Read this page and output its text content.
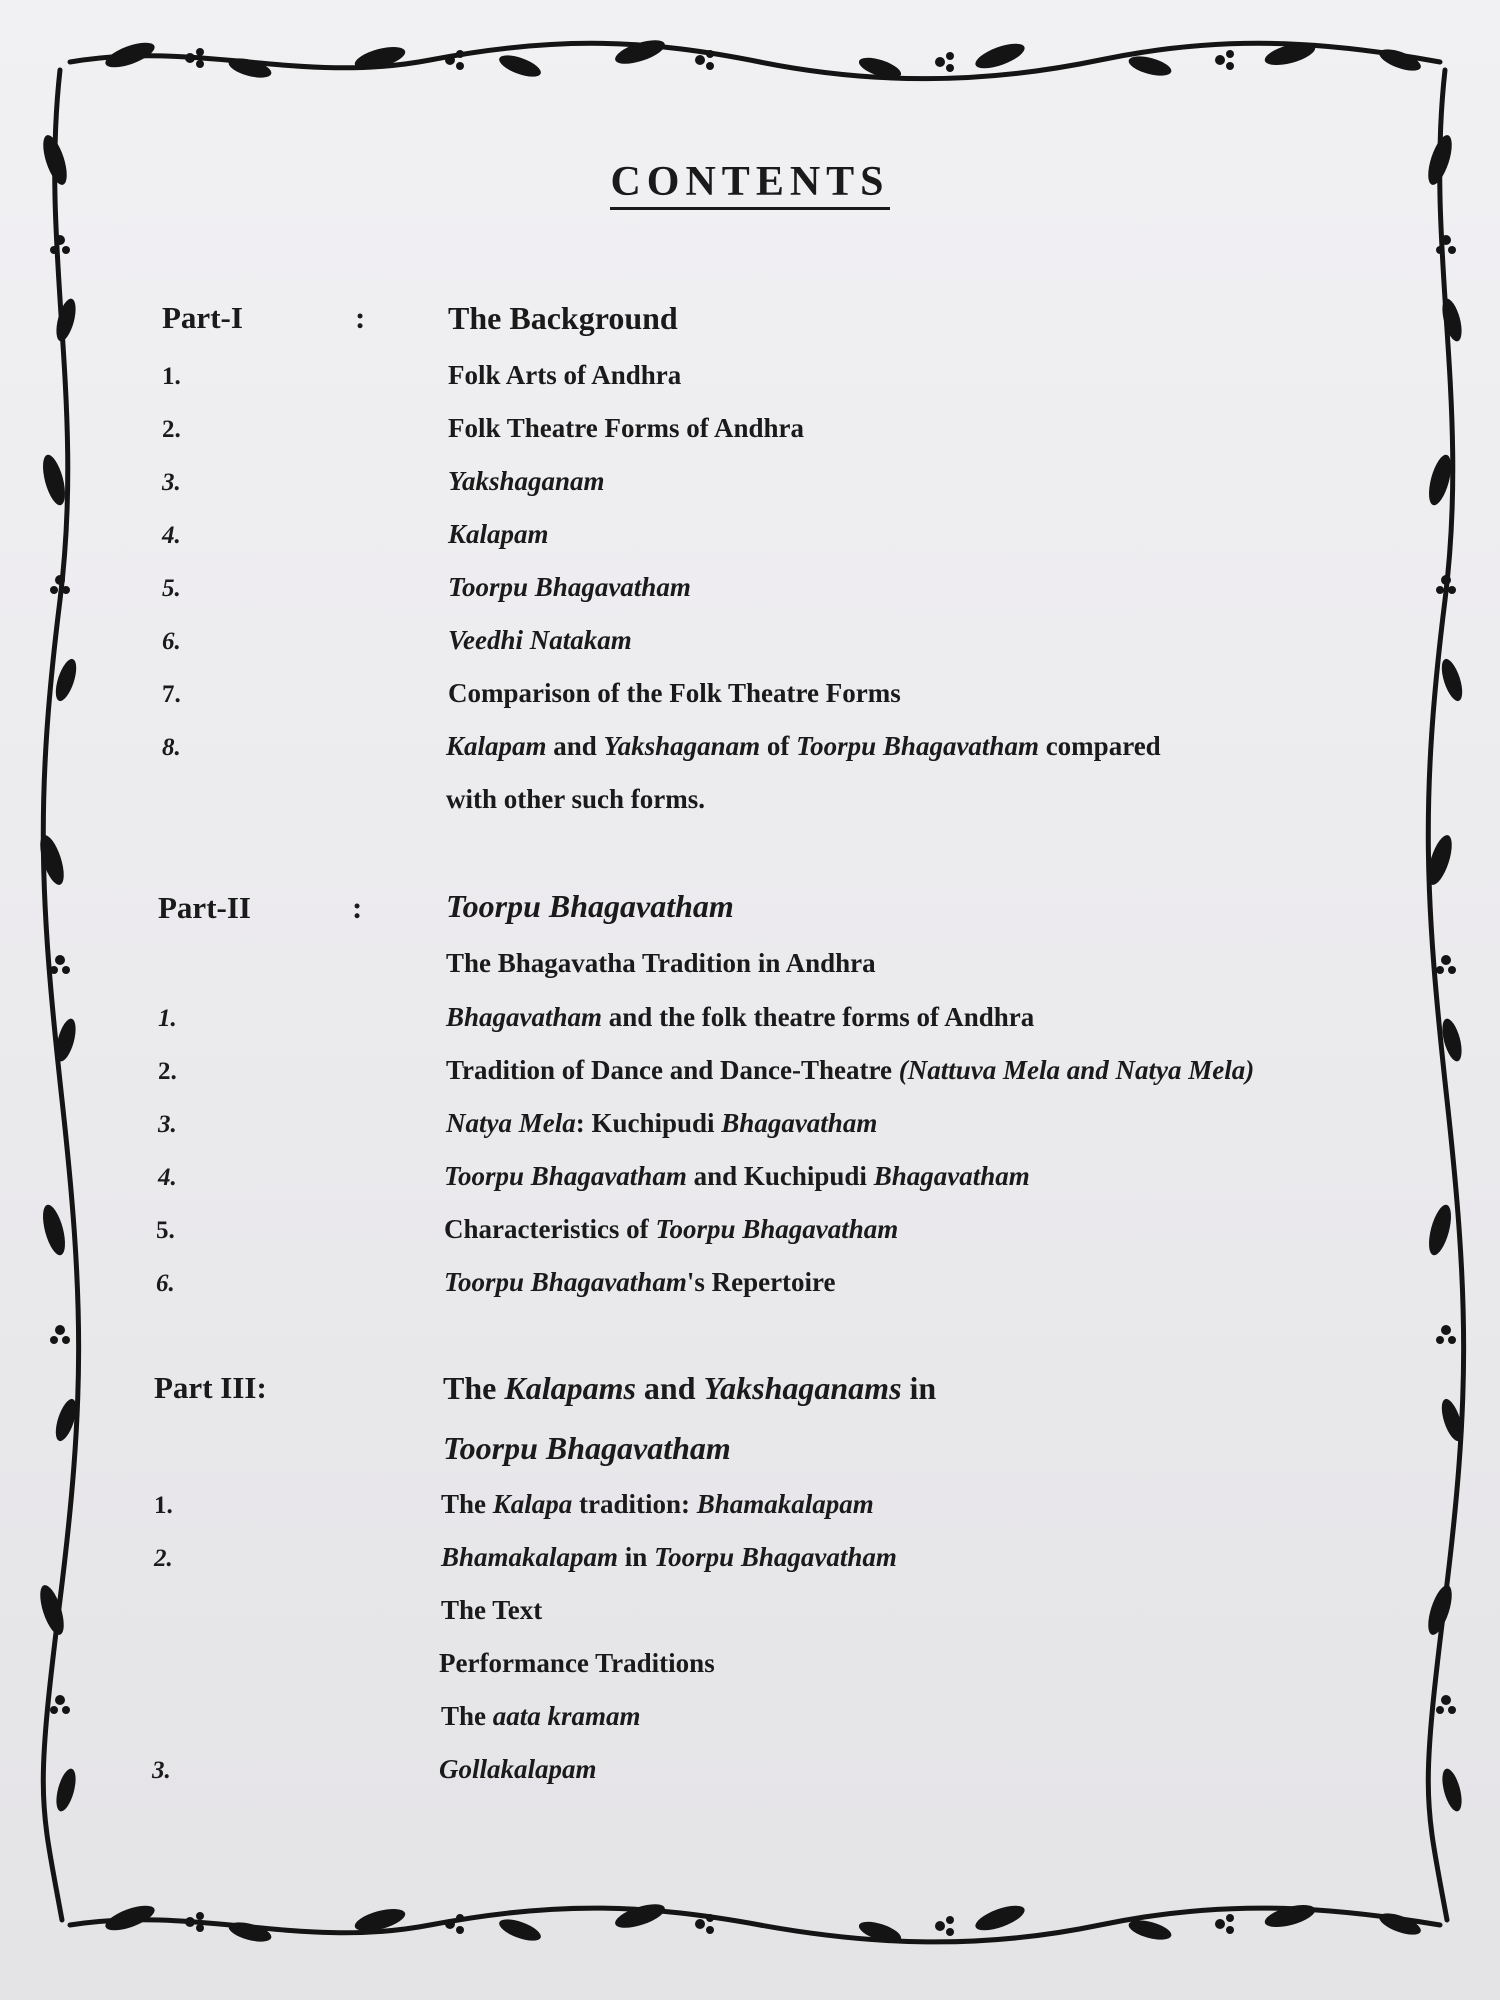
CONTENTS
Part-I	:	The Background
1.	Folk Arts of Andhra
2.	Folk Theatre Forms of Andhra
3.	Yakshaganam
4.	Kalapam
5.	Toorpu Bhagavatham
6.	Veedhi Natakam
7.	Comparison of the Folk Theatre Forms
8.	Kalapam and Yakshaganam of Toorpu Bhagavatham compared
with other such forms.
Part-II	:	Toorpu Bhagavatham
The Bhagavatha Tradition in Andhra
1.	Bhagavatham and the folk theatre forms of Andhra
2.	Tradition of Dance and Dance-Theatre (Nattuva Mela and Natya Mela)
3.	Natya Mela: Kuchipudi Bhagavatham
4.	Toorpu Bhagavatham and Kuchipudi Bhagavatham
5.	Characteristics of Toorpu Bhagavatham
6.	Toorpu Bhagavatham's Repertoire
Part III:	The Kalapams and Yakshaganams in
Toorpu Bhagavatham
1.	The Kalapa tradition: Bhamakalapam
2.	Bhamakalapam in Toorpu Bhagavatham
The Text
Performance Traditions
The aata kramam
3.	Gollakalapam
